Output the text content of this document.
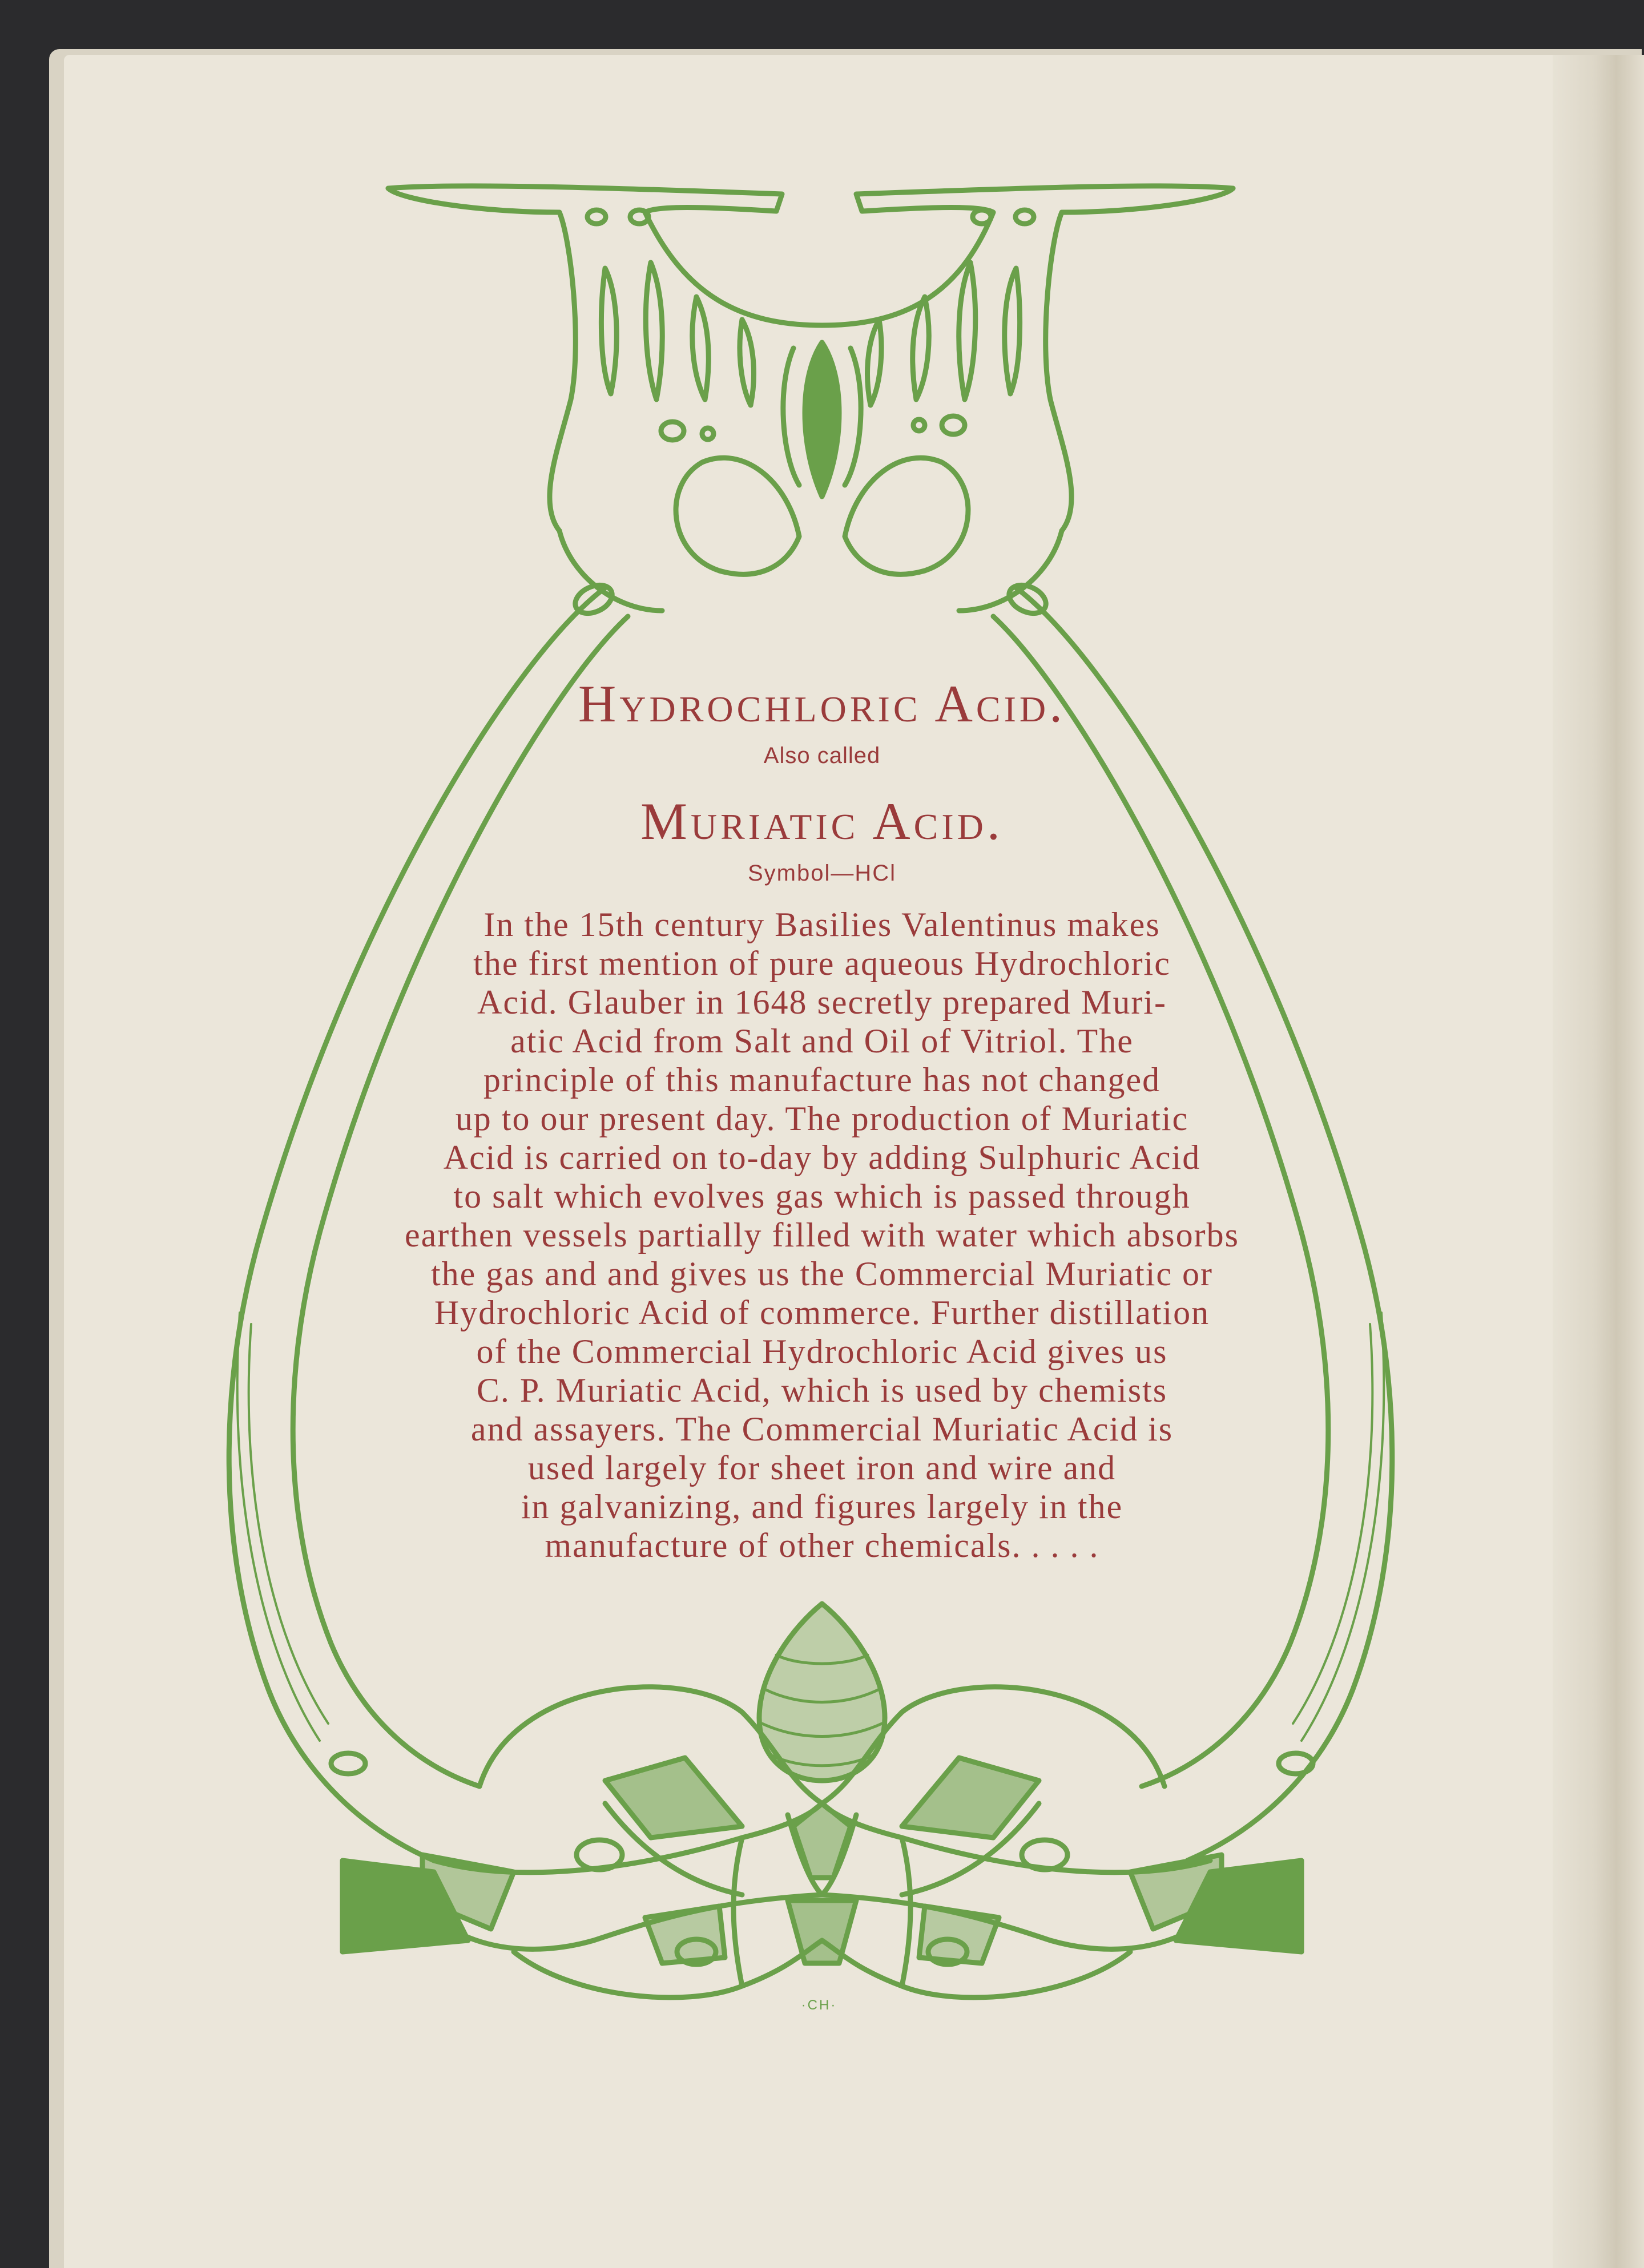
Hydrochloric Acid.
Also called
Muriatic Acid.
Symbol—HCl
In the 15th century Basilies Valentinus makes
the first mention of pure aqueous Hydrochloric
Acid. Glauber in 1648 secretly prepared Muri-
atic Acid from Salt and Oil of Vitriol. The
principle of this manufacture has not changed
up to our present day. The production of Muriatic
Acid is carried on to-day by adding Sulphuric Acid
to salt which evolves gas which is passed through
earthen vessels partially filled with water which absorbs
the gas and and gives us the Commercial Muriatic or
Hydrochloric Acid of commerce. Further distillation
of the Commercial Hydrochloric Acid gives us
C. P. Muriatic Acid, which is used by chemists
and assayers. The Commercial Muriatic Acid is
used largely for sheet iron and wire and
in galvanizing, and figures largely in the
manufacture of other chemicals. . . . .
·CH·
